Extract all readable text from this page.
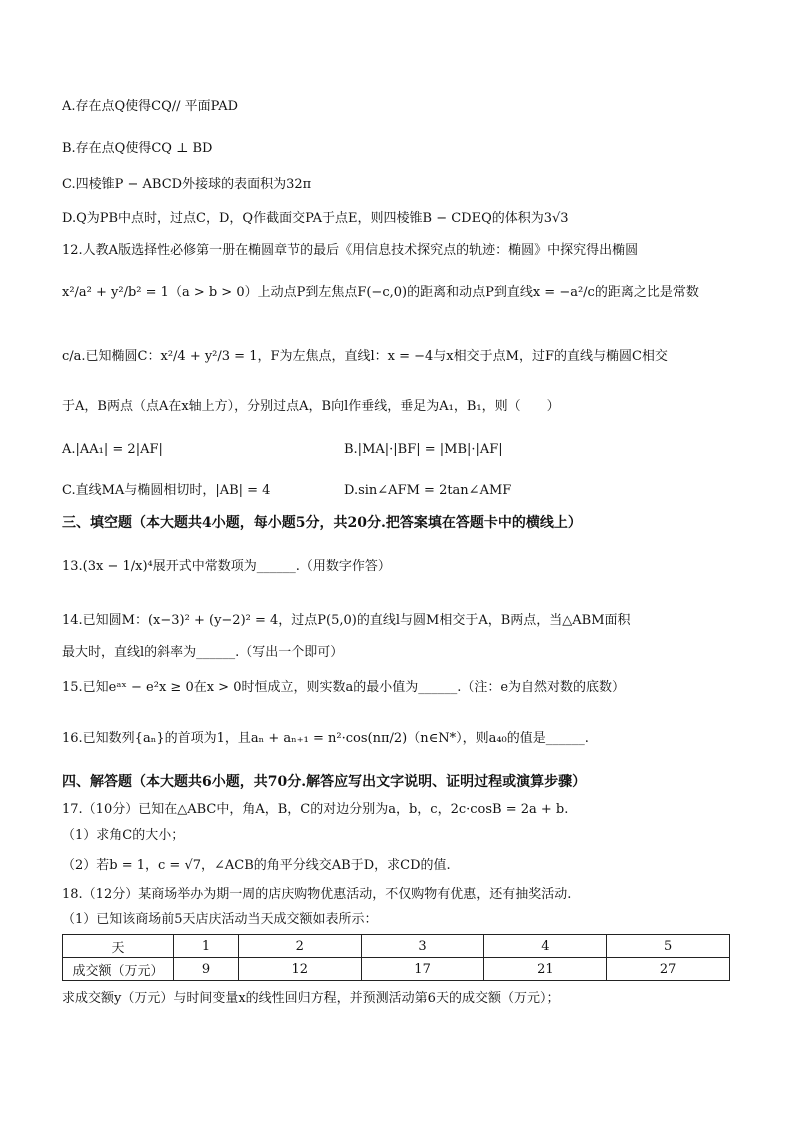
A.存在点Q使得CQ// 平面PAD
B.存在点Q使得CQ ⊥ BD
C.四棱锥P − ABCD外接球的表面积为32π
D.Q为PB中点时，过点C，D，Q作截面交PA于点E，则四棱锥B − CDEQ的体积为3√3
12.人教A版选择性必修第一册在椭圆章节的最后《用信息技术探究点的轨迹：椭圆》中探究得出椭圆
x²/a² + y²/b² = 1（a > b > 0）上动点P到左焦点F(−c,0)的距离和动点P到直线x = −a²/c的距离之比是常数
c/a.已知椭圆C：x²/4 + y²/3 = 1，F为左焦点，直线l：x = −4与x相交于点M，过F的直线与椭圆C相交
于A，B两点（点A在x轴上方），分别过点A，B向l作垂线，垂足为A₁，B₁，则（　　）
A.|AA₁| = 2|AF|	B.|MA|·|BF| = |MB|·|AF|
C.直线MA与椭圆相切时，|AB| = 4	D.sin∠AFM = 2tan∠AMF
三、填空题（本大题共4小题，每小题5分，共20分.把答案填在答题卡中的横线上）
13.(3x − 1/x)⁴展开式中常数项为______.（用数字作答）
14.已知圆M：(x−3)² + (y−2)² = 4，过点P(5,0)的直线l与圆M相交于A，B两点，当△ABM面积
最大时，直线l的斜率为______.（写出一个即可）
15.已知eᵃˣ − e²x ≥ 0在x > 0时恒成立，则实数a的最小值为______.（注：e为自然对数的底数）
16.已知数列{aₙ}的首项为1，且aₙ + aₙ₊₁ = n²·cos(nπ/2)（n∈N*），则a₄₀的值是______.
四、解答题（本大题共6小题，共70分.解答应写出文字说明、证明过程或演算步骤）
17.（10分）已知在△ABC中，角A，B，C的对边分别为a，b，c，2c·cosB = 2a + b.
（1）求角C的大小；
（2）若b = 1，c = √7，∠ACB的角平分线交AB于D，求CD的值.
18.（12分）某商场举办为期一周的店庆购物优惠活动，不仅购物有优惠，还有抽奖活动.
（1）已知该商场前5天店庆活动当天成交额如表所示：
天	1	2	3	4	5
成交额（万元）	9	12	17	21	27
求成交额y（万元）与时间变量x的线性回归方程，并预测活动第6天的成交额（万元）；
